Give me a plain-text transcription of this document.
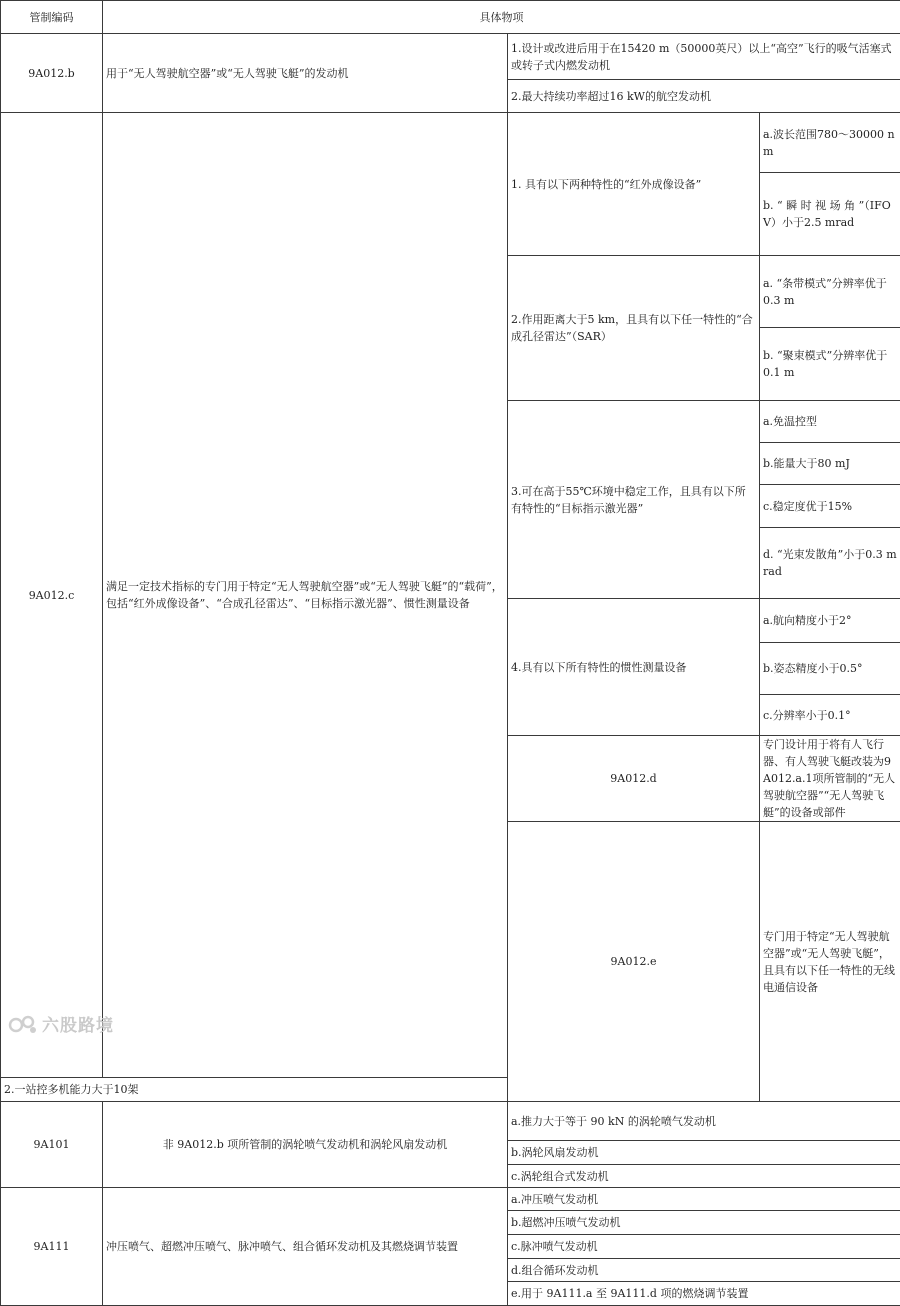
管制编码	具体物项			
9A012.b	用于“无人驾驶航空器”或“无人驾驶飞艇”的发动机	1.设计或改进后用于在15420 m（50000英尺）以上“高空”飞行的吸气活塞式或转子式内燃发动机		
		2.最大持续功率超过16 kW的航空发动机		
9A012.c	满足一定技术指标的专门用于特定“无人驾驶航空器”或“无人驾驶飞艇”的“载荷”，包括“红外成像设备”、“合成孔径雷达”、“目标指示激光器”、惯性测量设备	1. 具有以下两种特性的“红外成像设备”	a.波长范围780～30000 nm	
			b. “ 瞬 时 视 场 角 ”（IFOV）小于2.5 mrad	
		2.作用距离大于5 km，且具有以下任一特性的“合成孔径雷达”（SAR）	a. “条带模式”分辨率优于0.3 m	
			b. “聚束模式”分辨率优于0.1 m	
		3.可在高于55℃环境中稳定工作，且具有以下所有特性的“目标指示激光器”	a.免温控型	
			b.能量大于80 mJ	
			c.稳定度优于15%	
			d. “光束发散角”小于0.3 mrad	
		4.具有以下所有特性的惯性测量设备	a.航向精度小于2°	
			b.姿态精度小于0.5°	
			c.分辨率小于0.1°	
		9A012.d	专门设计用于将有人飞行器、有人驾驶飞艇改装为9A012.a.1项所管制的“无人驾驶航空器”“无人驾驶飞艇”的设备或部件	
		9A012.e	专门用于特定“无人驾驶航空器”或“无人驾驶飞艇”，且具有以下任一特性的无线电通信设备	
2.一站控多机能力大于10架				
9A101	非 9A012.b 项所管制的涡轮喷气发动机和涡轮风扇发动机	a.推力大于等于 90 kN 的涡轮喷气发动机		
		b.涡轮风扇发动机		
		c.涡轮组合式发动机		
9A111	冲压喷气、超燃冲压喷气、脉冲喷气、组合循环发动机及其燃烧调节装置	a.冲压喷气发动机		
		b.超燃冲压喷气发动机		
		c.脉冲喷气发动机		
		d.组合循环发动机		
		e.用于 9A111.a 至 9A111.d 项的燃烧调节装置		
六股路境
